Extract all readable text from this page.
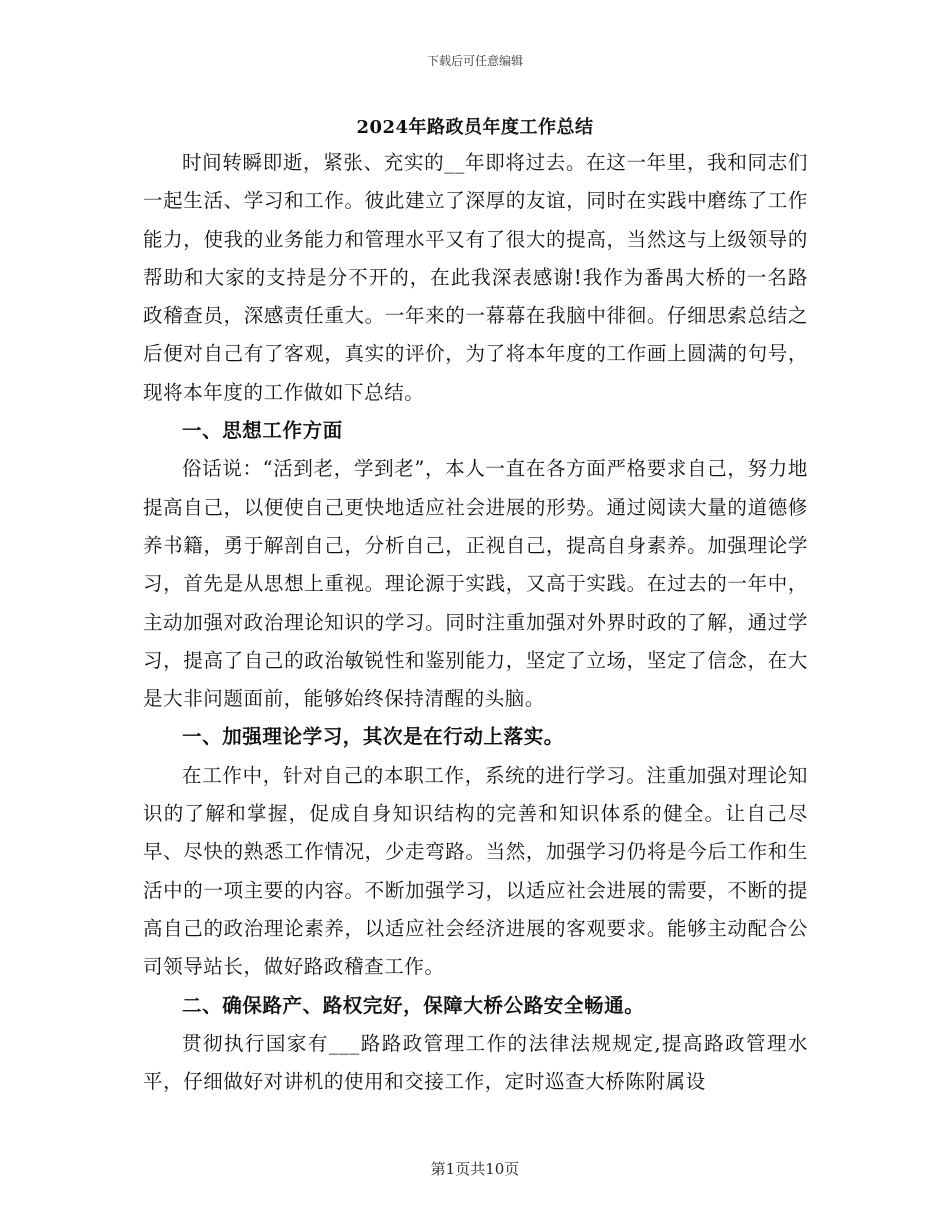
下载后可任意编辑
2024年路政员年度工作总结

时间转瞬即逝，紧张、充实的__年即将过去。在这一年里，我和同志们一起生活、学习和工作。彼此建立了深厚的友谊，同时在实践中磨练了工作能力，使我的业务能力和管理水平又有了很大的提高，当然这与上级领导的帮助和大家的支持是分不开的，在此我深表感谢!我作为番禺大桥的一名路政稽查员，深感责任重大。一年来的一幕幕在我脑中徘徊。仔细思索总结之后便对自己有了客观，真实的评价，为了将本年度的工作画上圆满的句号，现将本年度的工作做如下总结。

一、思想工作方面

俗话说：“活到老，学到老”，本人一直在各方面严格要求自己，努力地提高自己，以便使自己更快地适应社会进展的形势。通过阅读大量的道德修养书籍，勇于解剖自己，分析自己，正视自己，提高自身素养。加强理论学习，首先是从思想上重视。理论源于实践，又高于实践。在过去的一年中，主动加强对政治理论知识的学习。同时注重加强对外界时政的了解，通过学习，提高了自己的政治敏锐性和鉴别能力，坚定了立场，坚定了信念，在大是大非问题面前，能够始终保持清醒的头脑。

一、加强理论学习，其次是在行动上落实。

在工作中，针对自己的本职工作，系统的进行学习。注重加强对理论知识的了解和掌握，促成自身知识结构的完善和知识体系的健全。让自己尽早、尽快的熟悉工作情况，少走弯路。当然，加强学习仍将是今后工作和生活中的一项主要的内容。不断加强学习，以适应社会进展的需要，不断的提高自己的政治理论素养，以适应社会经济进展的客观要求。能够主动配合公司领导站长，做好路政稽查工作。

二、确保路产、路权完好，保障大桥公路安全畅通。

贯彻执行国家有___路路政管理工作的法律法规规定,提高路政管理水平，仔细做好对讲机的使用和交接工作，定时巡查大桥陈附属设

第1页共10页
